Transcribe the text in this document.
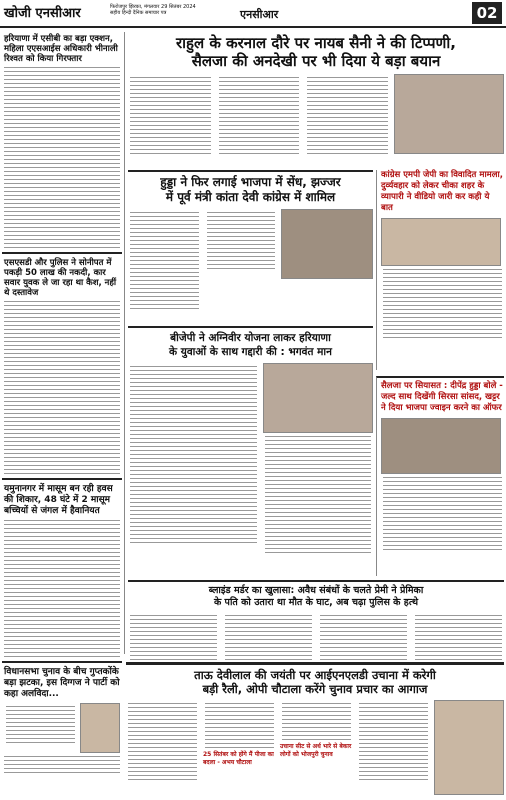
खोजी एनसीआर	फिरोजपुर झिरका, मंगलवार 29 सितंबर 2024
सहीय हिन्दी दैनिक समाचार पत्र	एनसीआर	02
हरियाणा में एसीबी का बड़ा एक्शन, महिला एएसआईस अधिकारी भीनाली रिश्वत को किया गिरफ्तार
एसएसडी और पुलिस ने सोनीपत में पकड़ी 50 लाख की नकदी, कार सवार युवक ले जा रहा था कैश, नहीं थे दस्तावेज
यमुनानगर में मासूम बन रही हवस की शिकार, 48 घंटे में 2 मासूम बच्चियों से जंगल में हैवानियत
विधानसभा चुनाव के बीच गुप्तकोंके बड़ा झटका, इस दिग्गज ने पार्टी को कहा अलविदा...
राहुल के करनाल दौरे पर नायब सैनी ने की टिप्पणी,
सैलजा की अनदेखी पर भी दिया ये बड़ा बयान
हुड्डा ने फिर लगाई भाजपा में सेंध, झज्जर
में पूर्व मंत्री कांता देवी कांग्रेस में शामिल
कांग्रेस एमपी जेपी का विवादित मामला, दुर्व्यवहार को लेकर चीका शहर के व्यापारी ने वीडियो जारी कर कही ये बात
बीजेपी ने अग्निवीर योजना लाकर हरियाणा
के युवाओं के साथ गद्दारी की : भगवंत मान
सैलजा पर सियासत : दीपेंद्र हुड्डा बोले - जल्द साथ दिखेंगी सिरसा सांसद, खट्टर ने दिया भाजपा ज्वाइन करने का ऑफर
ब्लाइंड मर्डर का खुलासा: अवैध संबंधों के चलते प्रेमी ने प्रेमिका
के पति को उतारा था मौत के घाट, अब चढ़ा पुलिस के हत्थे
ताऊ देवीलाल की जयंती पर आईएनएलडी उचाना में करेगी
बड़ी रैली, ओपी चौटाला करेंगे चुनाव प्रचार का आगाज
25 सितंबर को होंगे मैं पीजा का बदला - अभय चौटाला
उचाना सीट से अर्ध भारे से बेकार लोगों को भोजपुरी चुनाव
